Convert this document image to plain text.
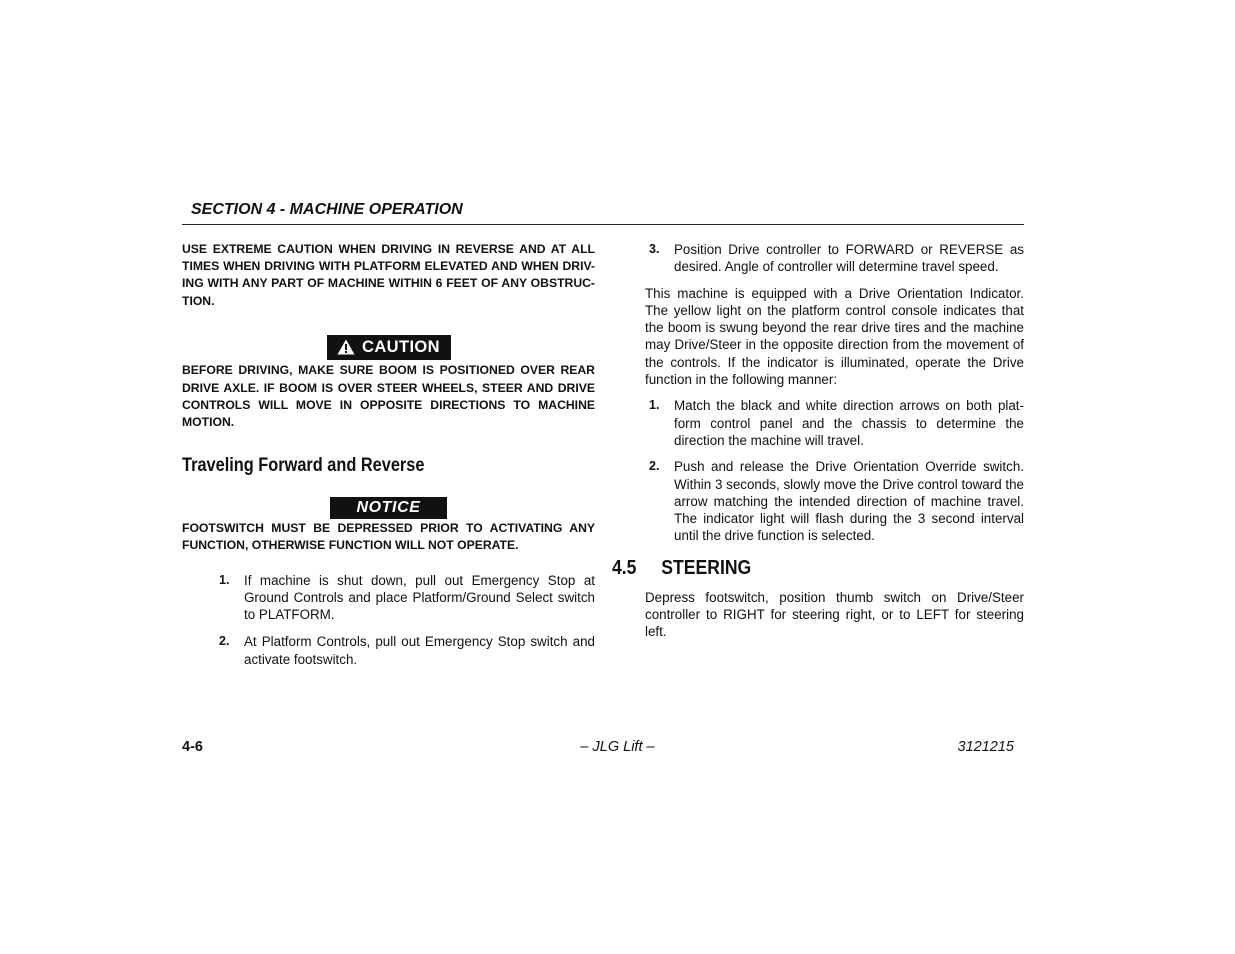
SECTION 4 - MACHINE OPERATION

USE EXTREME CAUTION WHEN DRIVING IN REVERSE AND AT ALL TIMES WHEN DRIVING WITH PLATFORM ELEVATED AND WHEN DRIV- ING WITH ANY PART OF MACHINE WITHIN 6 FEET OF ANY OBSTRUC- TION.

CAUTION

BEFORE DRIVING, MAKE SURE BOOM IS POSITIONED OVER REAR DRIVE AXLE. IF BOOM IS OVER STEER WHEELS, STEER AND DRIVE CONTROLS WILL MOVE IN OPPOSITE DIRECTIONS TO MACHINE MOTION.

Traveling Forward and Reverse
NOTICE

FOOTSWITCH MUST BE DEPRESSED PRIOR TO ACTIVATING ANY FUNCTION, OTHERWISE FUNCTION WILL NOT OPERATE.

1.	If machine is shut down, pull out Emergency Stop at Ground Controls and place Platform/Ground Select switch to PLATFORM.
2.	At Platform Controls, pull out Emergency Stop switch and activate footswitch.
3.	Position Drive controller to FORWARD or REVERSE as desired. Angle of controller will determine travel speed.

This machine is equipped with a Drive Orientation Indicator. The yellow light on the platform control console indicates that the boom is swung beyond the rear drive tires and the machine may Drive/Steer in the opposite direction from the movement of the controls. If the indicator is illuminated, operate the Drive function in the following manner:

1.	Match the black and white direction arrows on both plat- form control panel and the chassis to determine the direction the machine will travel.
2.	Push and release the Drive Orientation Override switch. Within 3 seconds, slowly move the Drive control toward the arrow matching the intended direction of machine travel. The indicator light will flash during the 3 second interval until the drive function is selected.
4.5	STEERING

Depress footswitch, position thumb switch on Drive/Steer controller to RIGHT for steering right, or to LEFT for steering left.

4-6	– JLG Lift –	3121215
